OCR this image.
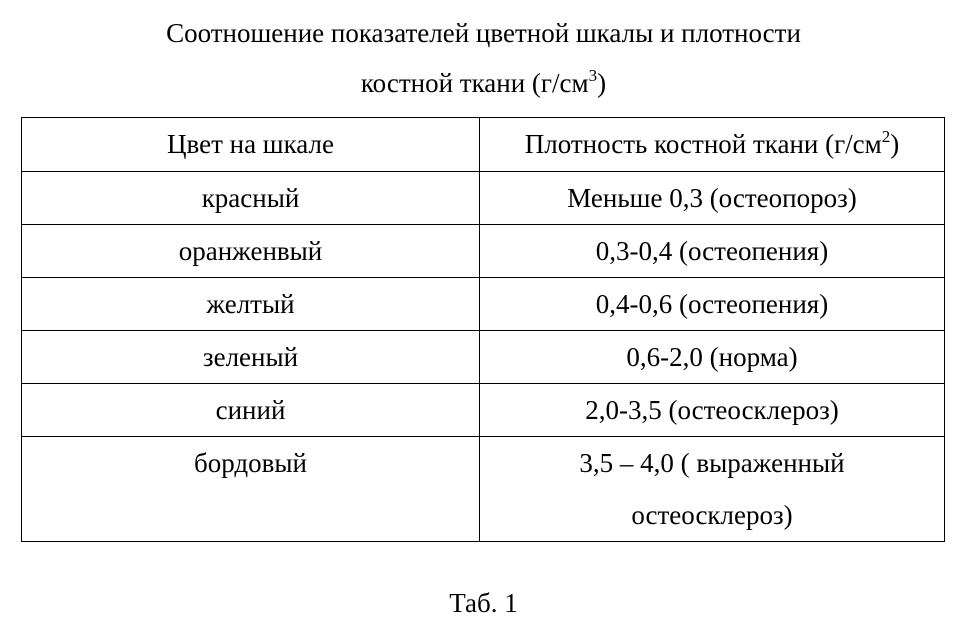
Соотношение показателей цветной шкалы и плотности
костной ткани $(г/см^3)$
Цвет на шкале	Плотность костной ткани $(г/см^2)$
красный	Меньше 0,3 (остеопороз)
оранженвый	0,3-0,4 (остеопения)
желтый	0,4-0,6 (остеопения)
зеленый	0,6-2,0 (норма)
синий	2,0-3,5 (остеосклероз)
бордовый	3,5 – 4,0 ( выраженный
остеосклероз)
Таб. 1
